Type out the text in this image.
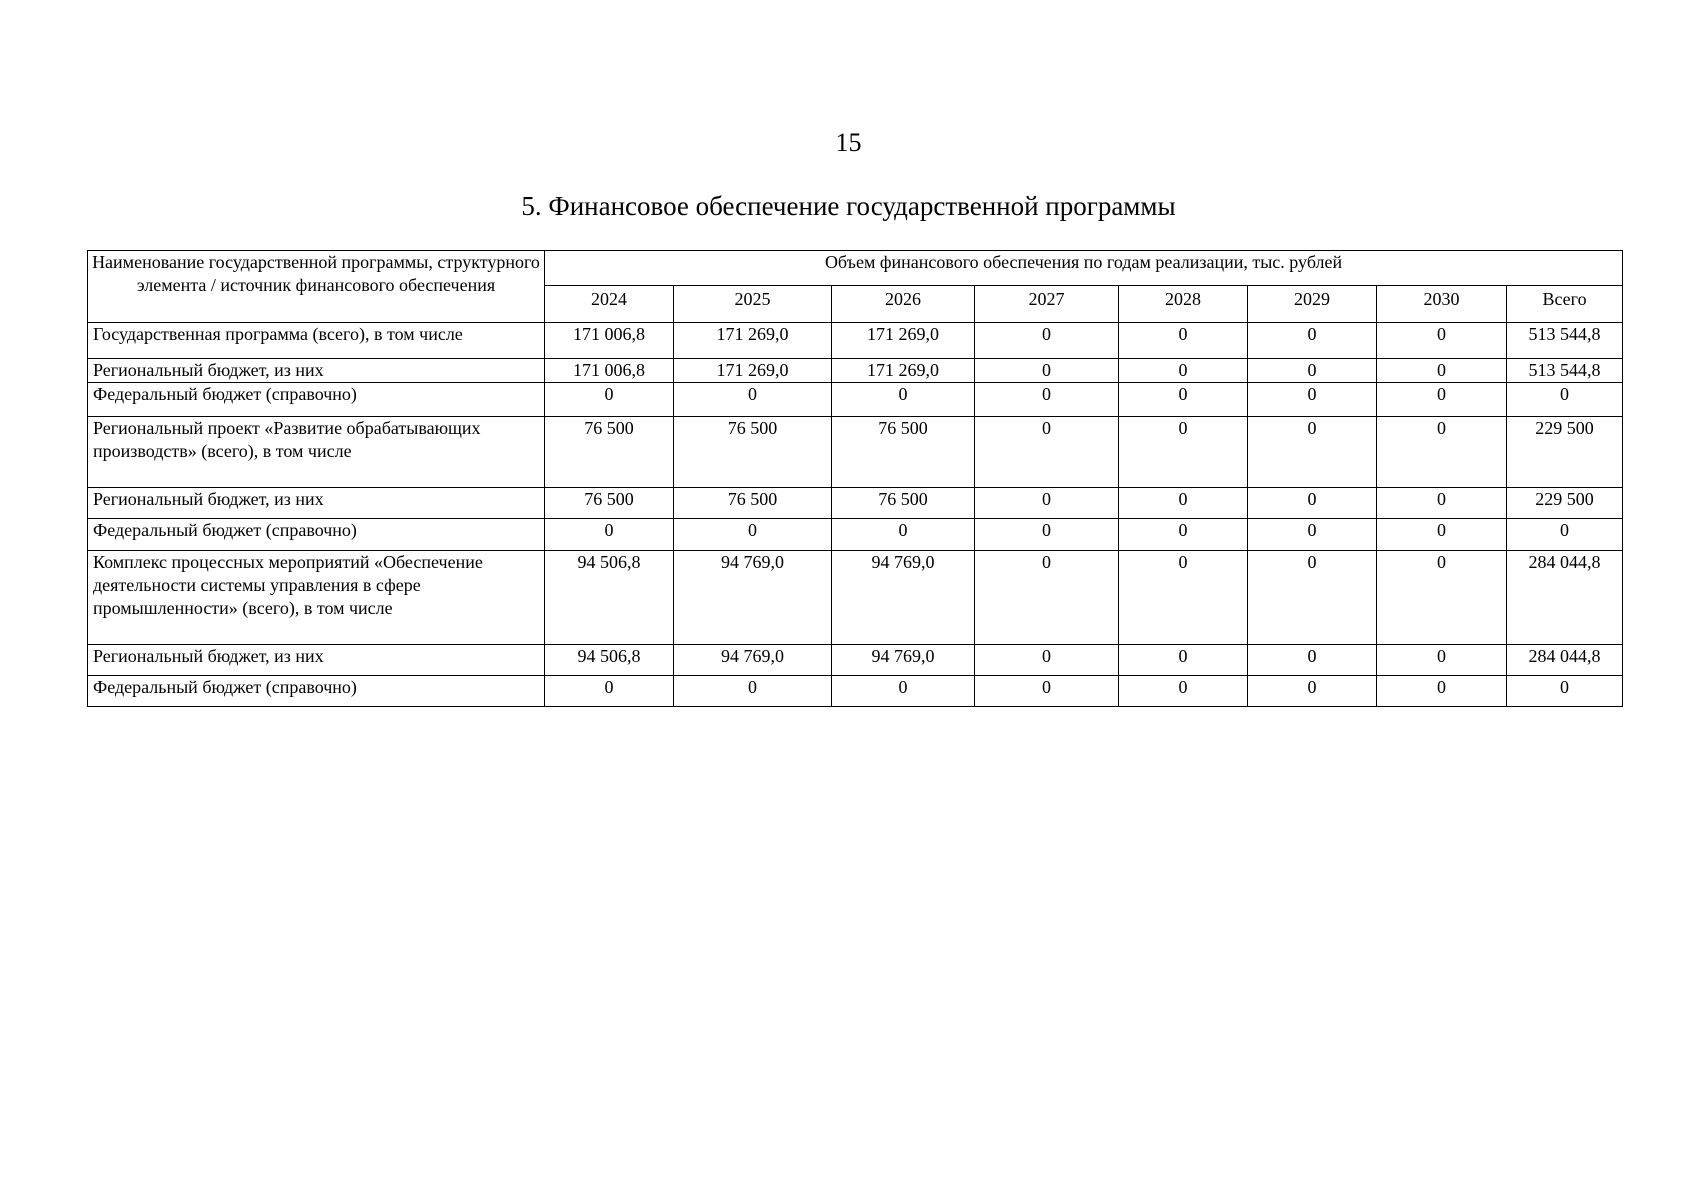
15
5. Финансовое обеспечение государственной программы
Наименование государственной программы, структурного элемента / источник финансового обеспечения	Объем финансового обеспечения по годам реализации, тыс. рублей							
	2024	2025	2026	2027	2028	2029	2030	Всего
Государственная программа (всего), в том числе	171 006,8	171 269,0	171 269,0	0	0	0	0	513 544,8
Региональный бюджет, из них	171 006,8	171 269,0	171 269,0	0	0	0	0	513 544,8
Федеральный бюджет (справочно)	0	0	0	0	0	0	0	0
Региональный проект «Развитие обрабатывающих производств» (всего), в том числе	76 500	76 500	76 500	0	0	0	0	229 500
Региональный бюджет, из них	76 500	76 500	76 500	0	0	0	0	229 500
Федеральный бюджет (справочно)	0	0	0	0	0	0	0	0
Комплекс процессных мероприятий «Обеспечение деятельности системы управления в сфере промышленности» (всего), в том числе	94 506,8	94 769,0	94 769,0	0	0	0	0	284 044,8
Региональный бюджет, из них	94 506,8	94 769,0	94 769,0	0	0	0	0	284 044,8
Федеральный бюджет (справочно)	0	0	0	0	0	0	0	0
